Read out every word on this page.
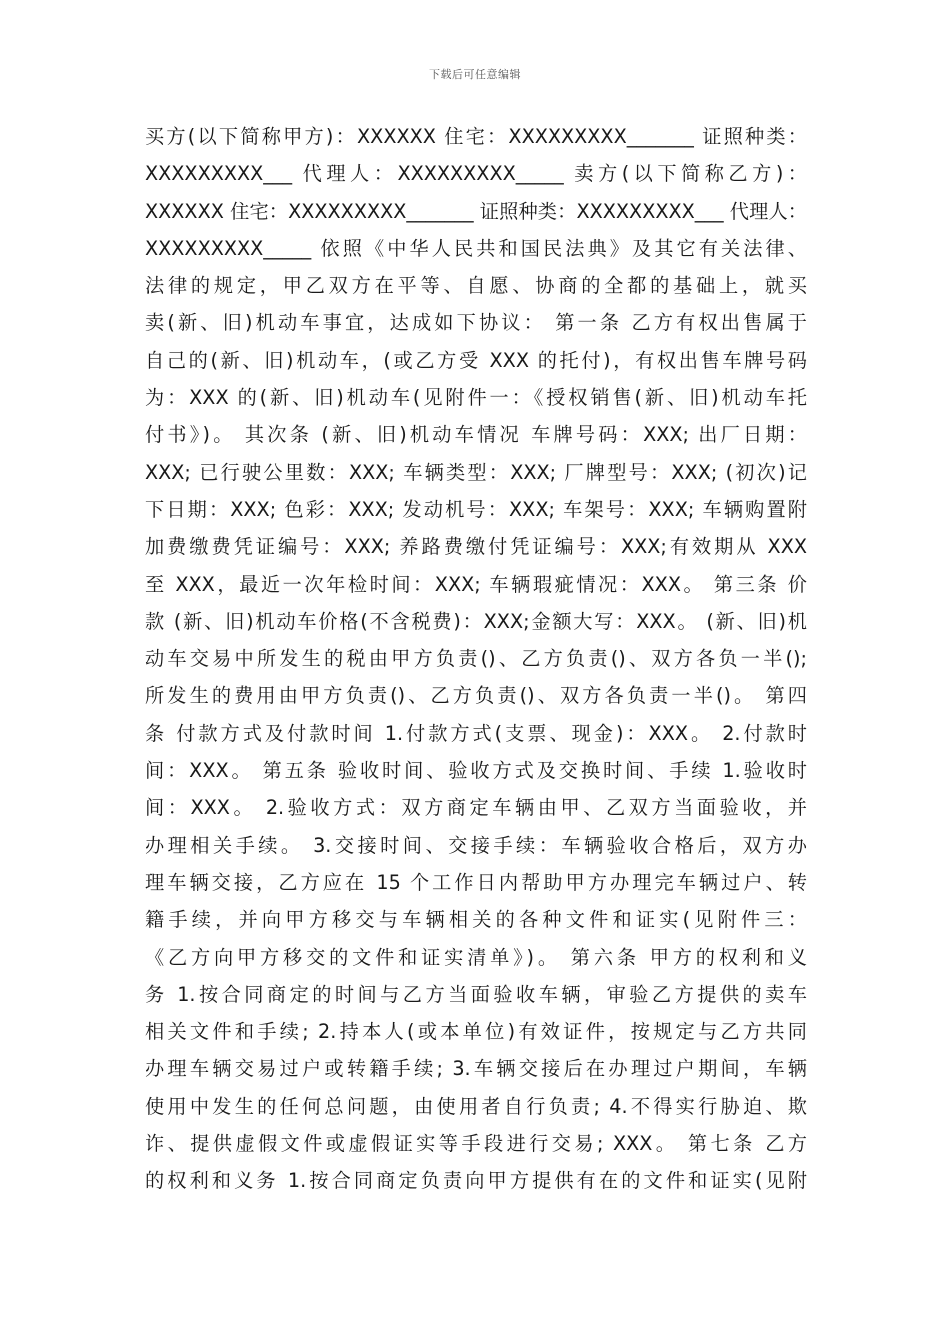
下载后可任意编辑
买方(以下简称甲方)：XXXXXX 住宅：XXXXXXXXX_______ 证照种类：
XXXXXXXXX___ 代理人：XXXXXXXXX_____ 卖方(以下简称乙方)：
XXXXXX 住宅：XXXXXXXXX_______ 证照种类：XXXXXXXXX___ 代理人：
XXXXXXXXX_____ 依照《中华人民共和国民法典》及其它有关法律、
法律的规定，甲乙双方在平等、自愿、协商的全都的基础上，就买
卖(新、旧)机动车事宜，达成如下协议： 第一条 乙方有权出售属于
自己的(新、旧)机动车，(或乙方受 XXX 的托付)，有权出售车牌号码
为：XXX 的(新、旧)机动车(见附件一：《授权销售(新、旧)机动车托
付书》)。 其次条 (新、旧)机动车情况 车牌号码：XXX; 出厂日期：
XXX; 已行驶公里数：XXX; 车辆类型：XXX; 厂牌型号：XXX; (初次)记
下日期：XXX; 色彩：XXX; 发动机号：XXX; 车架号：XXX; 车辆购置附
加费缴费凭证编号：XXX; 养路费缴付凭证编号：XXX;有效期从 XXX
至 XXX，最近一次年检时间：XXX; 车辆瑕疵情况：XXX。 第三条 价
款 (新、旧)机动车价格(不含税费)：XXX;金额大写：XXX。 (新、旧)机
动车交易中所发生的税由甲方负责()、乙方负责()、双方各负一半();
所发生的费用由甲方负责()、乙方负责()、双方各负责一半()。 第四
条 付款方式及付款时间 1.付款方式(支票、现金)：XXX。 2.付款时
间：XXX。 第五条 验收时间、验收方式及交换时间、手续 1.验收时
间：XXX。 2.验收方式：双方商定车辆由甲、乙双方当面验收，并
办理相关手续。 3.交接时间、交接手续：车辆验收合格后，双方办
理车辆交接，乙方应在 15 个工作日内帮助甲方办理完车辆过户、转
籍手续，并向甲方移交与车辆相关的各种文件和证实(见附件三：
《乙方向甲方移交的文件和证实清单》)。 第六条 甲方的权利和义
务 1.按合同商定的时间与乙方当面验收车辆，审验乙方提供的卖车
相关文件和手续; 2.持本人(或本单位)有效证件，按规定与乙方共同
办理车辆交易过户或转籍手续; 3.车辆交接后在办理过户期间，车辆
使用中发生的任何总问题，由使用者自行负责; 4.不得实行胁迫、欺
诈、提供虚假文件或虚假证实等手段进行交易; XXX。 第七条 乙方
的权利和义务 1.按合同商定负责向甲方提供有在的文件和证实(见附
